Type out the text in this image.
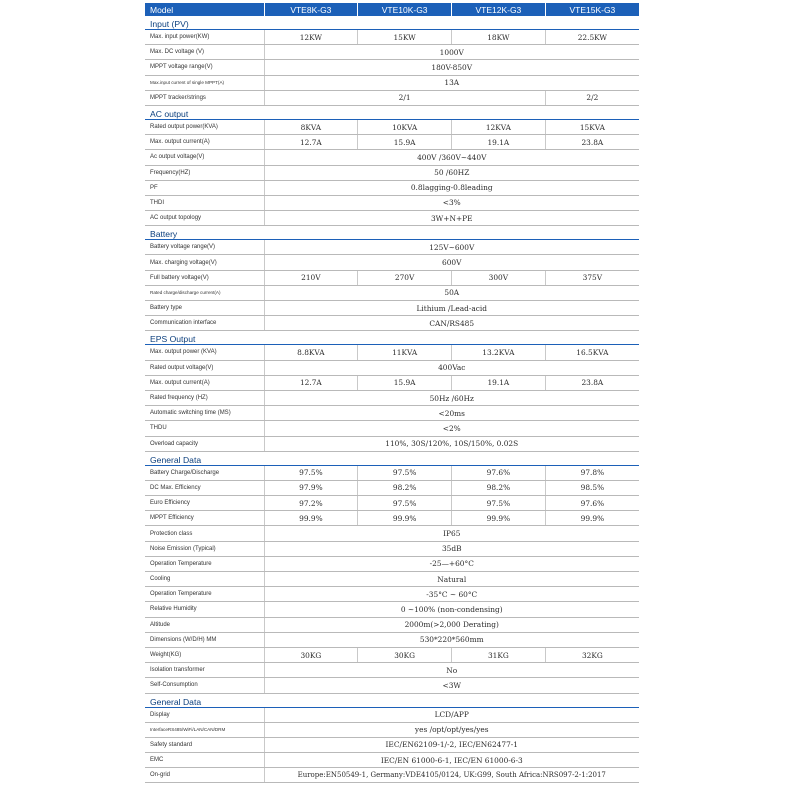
Model	VTE8K-G3	VTE10K-G3	VTE12K-G3	VTE15K-G3
Input (PV)				
Max. input power(KW)	12KW	15KW	18KW	22.5KW
Max. DC voltage (V)	1000V			
MPPT voltage range(V)	180V-850V			
Max.input current of single MPPT(A)	13A			
MPPT tracker/strings	2/1			2/2
AC output				
Rated output power(KVA)	8KVA	10KVA	12KVA	15KVA
Max. output current(A)	12.7A	15.9A	19.1A	23.8A
Ac output voltage(V)	400V /360V~440V			
Frequency(HZ)	50 /60HZ			
PF	0.8lagging-0.8leading			
THDI	<3%			
AC output topology	3W+N+PE			
Battery				
Battery voltage range(V)	125V~600V			
Max. charging voltage(V)	600V			
Full battery voltage(V)	210V	270V	300V	375V
Rated charge/discharge current(A)	50A			
Battery type	Lithium /Lead-acid			
Communication interface	CAN/RS485			
EPS Output				
Max. output power (KVA)	8.8KVA	11KVA	13.2KVA	16.5KVA
Rated output voltage(V)	400Vac			
Max. output current(A)	12.7A	15.9A	19.1A	23.8A
Rated frequency (HZ)	50Hz /60Hz			
Automatic switching time (MS)	<20ms			
THDU	<2%			
Overload capacity	110%, 30S/120%, 10S/150%, 0.02S			
General Data				
Battery Charge/Discharge	97.5%	97.5%	97.6%	97.8%
DC Max. Efficiency	97.9%	98.2%	98.2%	98.5%
Euro Efficiency	97.2%	97.5%	97.5%	97.6%
MPPT Efficiency	99.9%	99.9%	99.9%	99.9%
Protection class	IP65			
Noise Emission (Typical)	35dB			
Operation Temperature	-25—+60°C			
Cooling	Natural			
Operation Temperature	-35°C ~ 60°C			
Relative Humidity	0 ~100% (non-condensing)			
Altitude	2000m(>2,000 Derating)			
Dimensions (W/D/H) MM	530*220*560mm			
Weight(KG)	30KG	30KG	31KG	32KG
Isolation transformer	No			
Self-Consumption	<3W			
General Data				
Display	LCD/APP			
InterfaceRS485/WiFi/LAN/CAN/DRM	yes /opt/opt/yes/yes			
Safety standard	IEC/EN62109-1/-2, IEC/EN62477-1			
EMC	IEC/EN 61000-6-1, IEC/EN 61000-6-3			
On-grid	Europe:EN50549-1, Germany:VDE4105/0124, UK:G99, South Africa:NRS097-2-1:2017			
